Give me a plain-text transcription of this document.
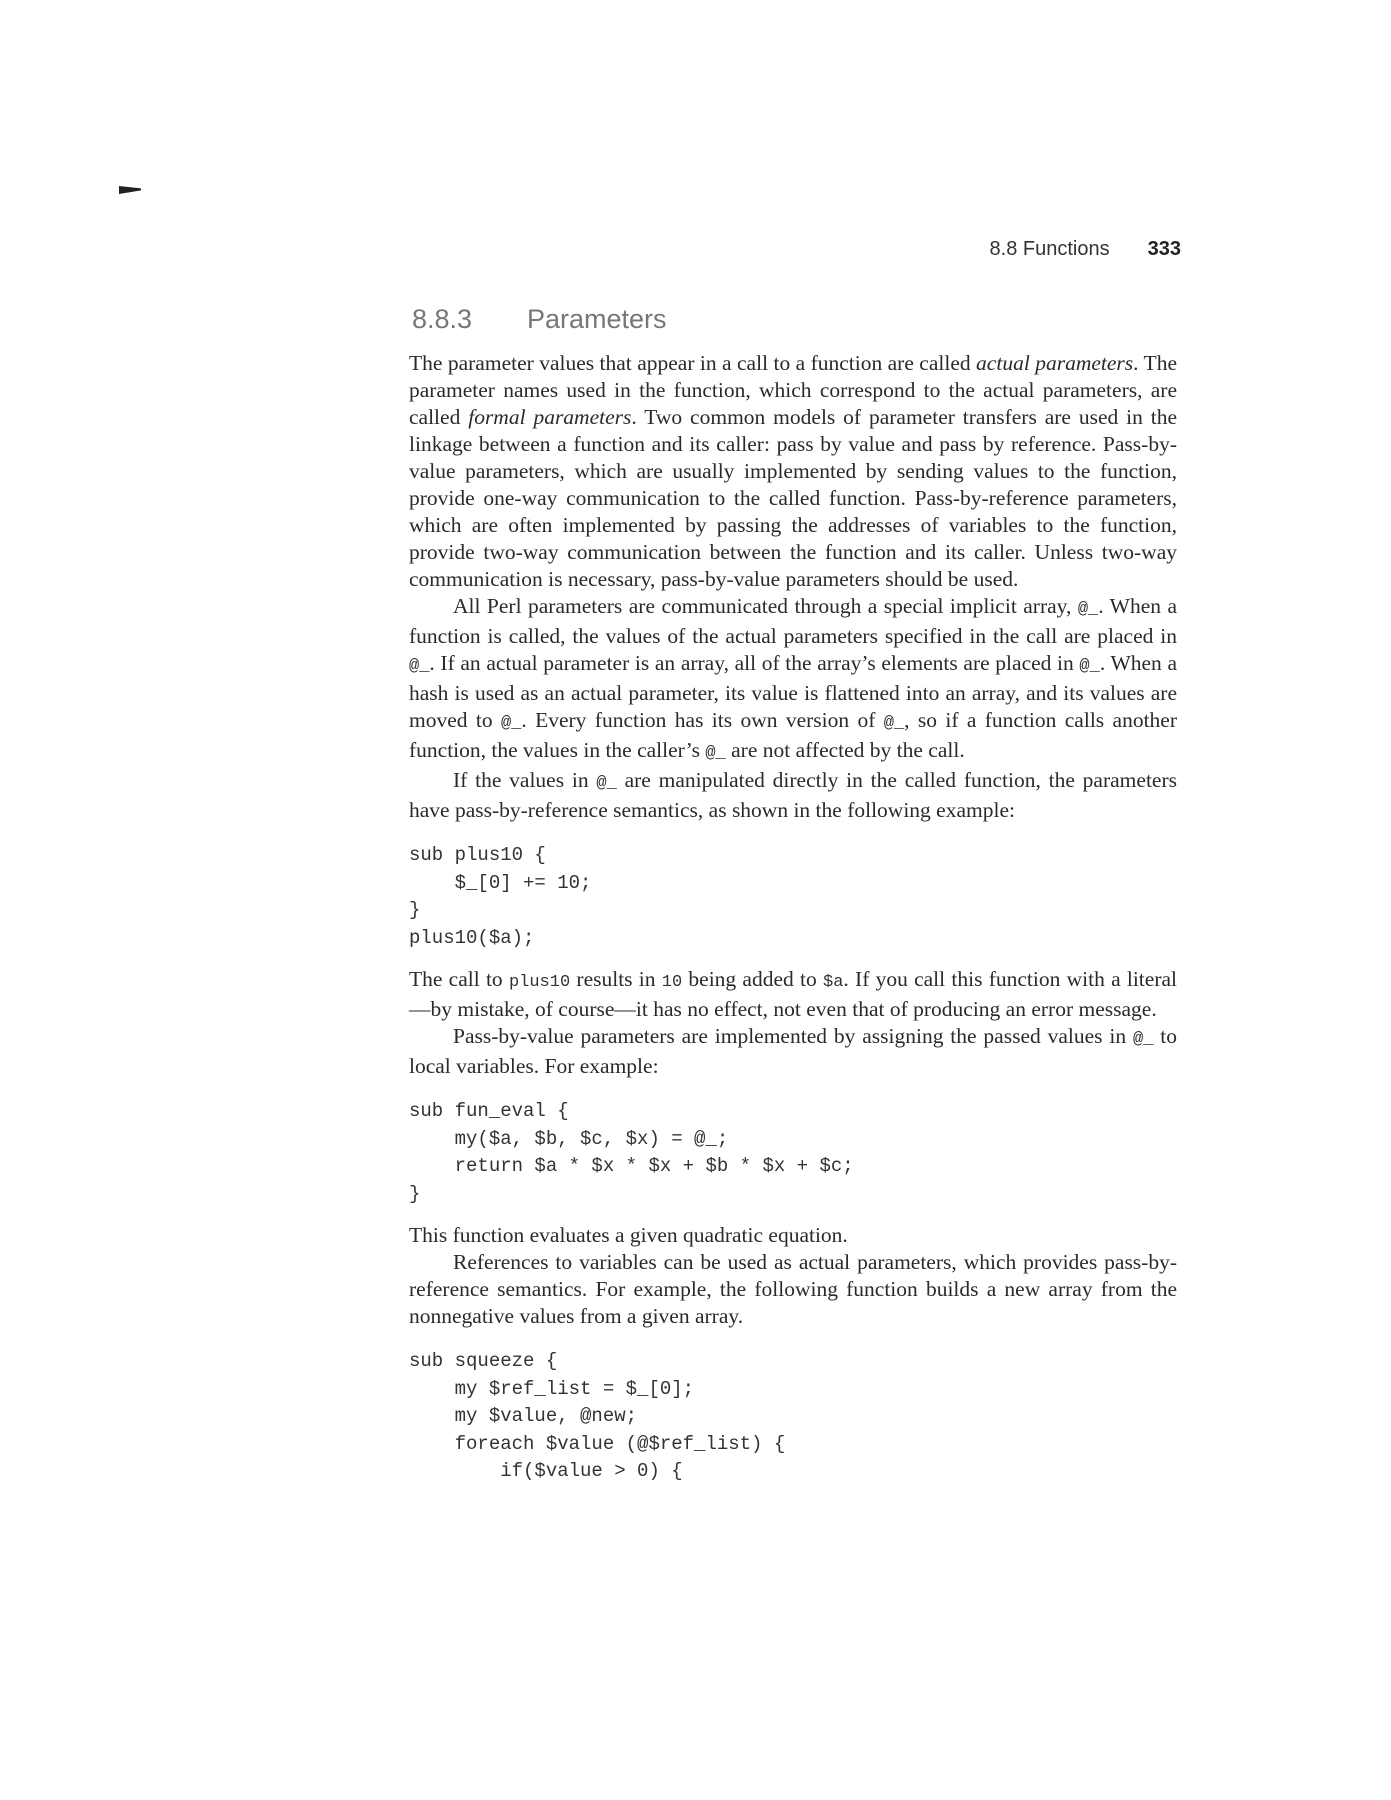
8.8 Functions 333
8.8.3	Parameters

The parameter values that appear in a call to a function are called actual parameters. The parameter names used in the function, which correspond to the actual parameters, are called formal parameters. Two common models of parameter transfers are used in the linkage between a function and its caller: pass by value and pass by reference. Pass-by-value parameters, which are usually implemented by sending values to the function, provide one-way communication to the called function. Pass-by-reference parameters, which are often implemented by passing the addresses of variables to the function, provide two-way communication between the function and its caller. Unless two-way communication is necessary, pass-by-value parameters should be used.

All Perl parameters are communicated through a special implicit array, @_. When a function is called, the values of the actual parameters specified in the call are placed in @_. If an actual parameter is an array, all of the array’s elements are placed in @_. When a hash is used as an actual parameter, its value is flattened into an array, and its values are moved to @_. Every function has its own version of @_, so if a function calls another function, the values in the caller’s @_ are not affected by the call.

If the values in @_ are manipulated directly in the called function, the parameters have pass-by-reference semantics, as shown in the following example:

sub plus10 {
$_[0] += 10;
}
plus10($a);

The call to plus10 results in 10 being added to $a. If you call this function with a literal—by mistake, of course—it has no effect, not even that of producing an error message.

Pass-by-value parameters are implemented by assigning the passed values in @_ to local variables. For example:

sub fun_eval {
my($a, $b, $c, $x) = @_;
return $a * $x * $x + $b * $x + $c;
}

This function evaluates a given quadratic equation.

References to variables can be used as actual parameters, which provides pass-by-reference semantics. For example, the following function builds a new array from the nonnegative values from a given array.

sub squeeze {
my $ref_list = $_[0];
my $value, @new;
foreach $value (@$ref_list) {
if($value > 0) {
